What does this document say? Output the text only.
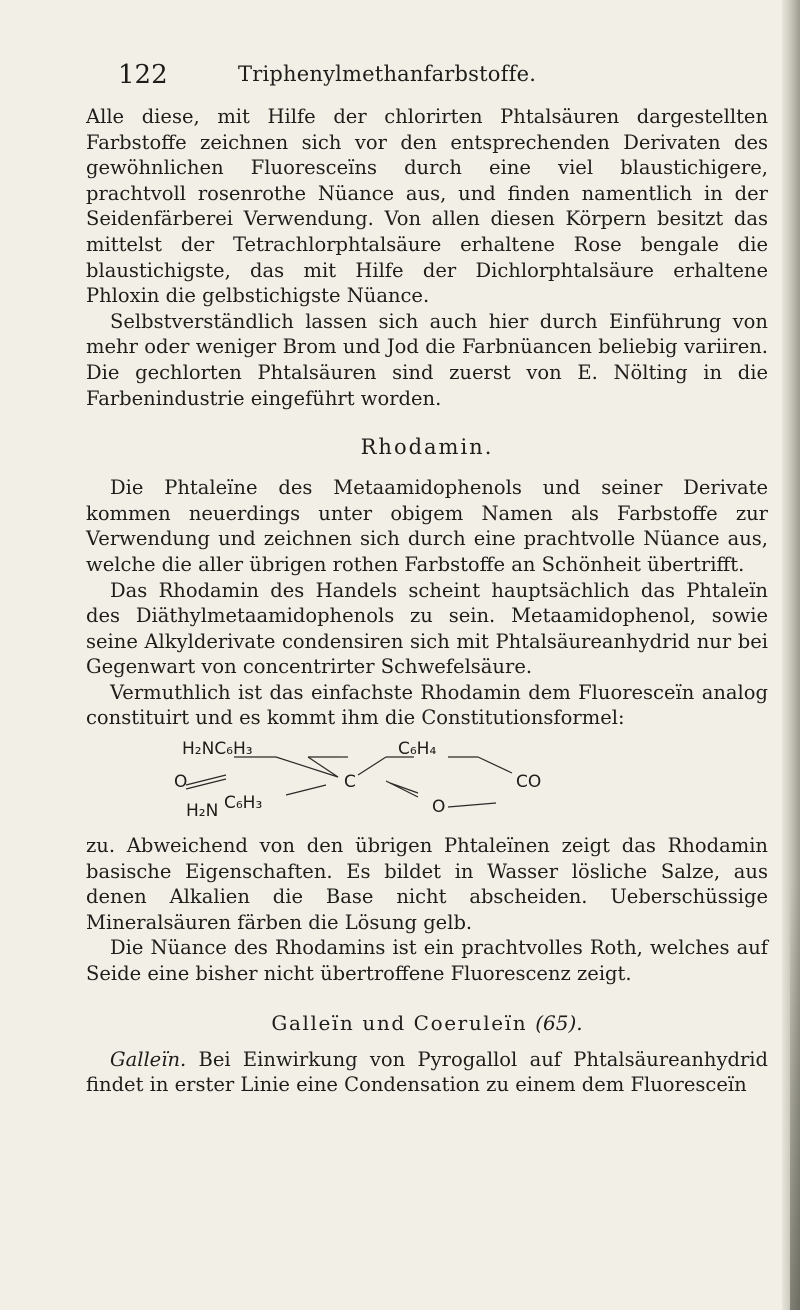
122	Triphenylmethanfarbstoffe.

Alle diese, mit Hilfe der chlorirten Phtalsäuren dargestellten Farbstoffe zeichnen sich vor den entsprechenden Derivaten des gewöhnlichen Fluoresceïns durch eine viel blaustichigere, prachtvoll rosenrothe Nüance aus, und finden namentlich in der Seidenfärberei Verwendung. Von allen diesen Körpern besitzt das mittelst der Tetrachlorphtalsäure erhaltene Rose bengale die blaustichigste, das mit Hilfe der Dichlorphtalsäure erhaltene Phloxin die gelbstichigste Nüance.

Selbstverständlich lassen sich auch hier durch Einführung von mehr oder weniger Brom und Jod die Farbnüancen beliebig variiren. Die gechlorten Phtalsäuren sind zuerst von E. Nölting in die Farbenindustrie eingeführt worden.

Rhodamin.

Die Phtaleïne des Metaamidophenols und seiner Derivate kommen neuerdings unter obigem Namen als Farbstoffe zur Verwendung und zeichnen sich durch eine prachtvolle Nüance aus, welche die aller übrigen rothen Farbstoffe an Schönheit übertrifft.

Das Rhodamin des Handels scheint hauptsächlich das Phtaleïn des Diäthylmetaamidophenols zu sein. Metaamidophenol, sowie seine Alkylderivate condensiren sich mit Phtalsäureanhydrid nur bei Gegenwart von concentrirter Schwefelsäure.

Vermuthlich ist das einfachste Rhodamin dem Fluoresceïn analog constituirt und es kommt ihm die Constitutionsformel:

H₂NC₆H₃	C₆H₄
O	C	CO
H₂N C₆H₃	O

zu. Abweichend von den übrigen Phtaleïnen zeigt das Rhodamin basische Eigenschaften. Es bildet in Wasser lösliche Salze, aus denen Alkalien die Base nicht abscheiden. Ueberschüssige Mineralsäuren färben die Lösung gelb.

Die Nüance des Rhodamins ist ein prachtvolles Roth, welches auf Seide eine bisher nicht übertroffene Fluorescenz zeigt.

Galleïn und Coeruleïn (65).

Galleïn. Bei Einwirkung von Pyrogallol auf Phtalsäureanhydrid findet in erster Linie eine Condensation zu einem dem Fluoresceïn
